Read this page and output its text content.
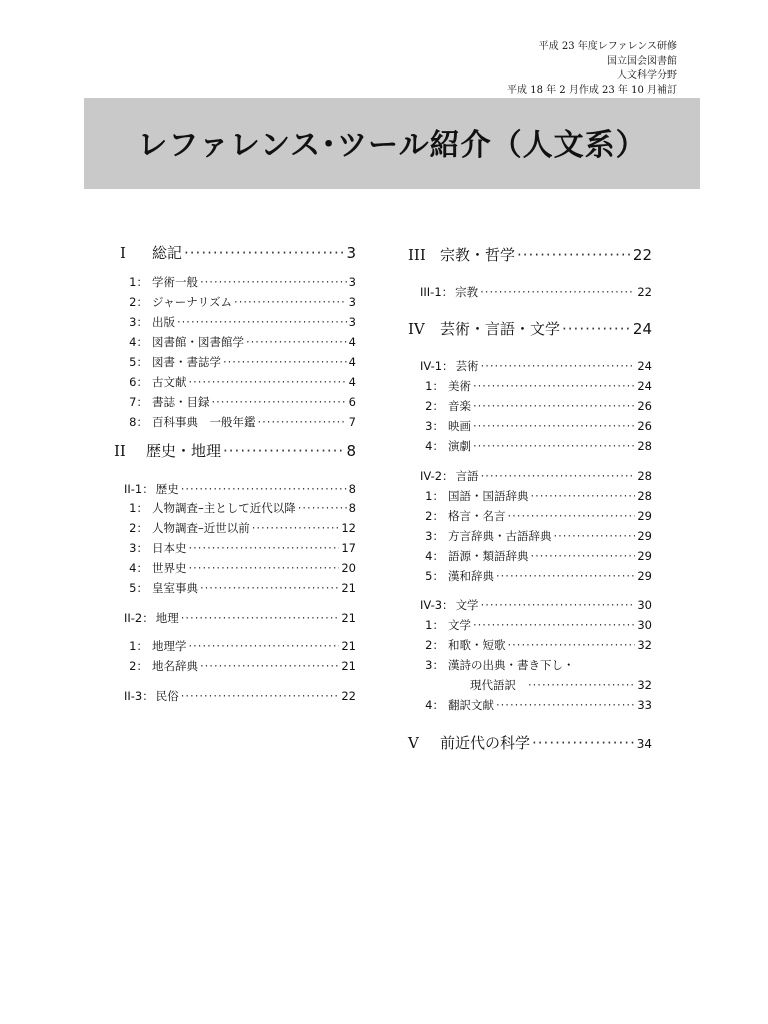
平成 23 年度レファレンス研修
国立国会図書館
人文科学分野
平成 18 年 2 月作成 23 年 10 月補訂
レファレンス･ツール紹介（人文系）
I	総記 ·····	3
1： 学術一般 ·····	3
2： ジャーナリズム ·····	3
3： 出版 ·····	3
4： 図書館・図書館学 ·····	4
5： 図書・書誌学 ·····	4
6： 古文献 ·····	4
7： 書誌・目録 ·····	6
8： 百科事典　一般年鑑 ·····	7
II	歴史・地理 ·····	8
II-1： 歴史 ·····	8
1： 人物調査–主として近代以降 ·····	8
2： 人物調査–近世以前 ·····	12
3： 日本史 ·····	17
4： 世界史 ·····	20
5： 皇室事典 ·····	21
II-2： 地理 ·····	21
1： 地理学 ·····	21
2： 地名辞典 ·····	21
II-3： 民俗 ·····	22
III 宗教・哲学 ·····	22
III-1： 宗教 ·····	22
IV	芸術・言語・文学 ·····	24
IV-1： 芸術 ·····	24
1： 美術 ·····	24
2： 音楽 ·····	26
3： 映画 ·····	26
4： 演劇 ·····	28
IV-2： 言語 ·····	28
1： 国語・国語辞典 ·····	28
2： 格言・名言 ·····	29
3： 方言辞典・古語辞典 ·····	29
4： 語源・類語辞典 ·····	29
5： 漢和辞典 ·····	29
IV-3： 文学 ·····	30
1： 文学 ·····	30
2： 和歌・短歌 ·····	32
3： 漢詩の出典・書き下し・
現代語訳 ·····	32
4： 翻訳文献 ·····	33
V	前近代の科学 ·····	34
